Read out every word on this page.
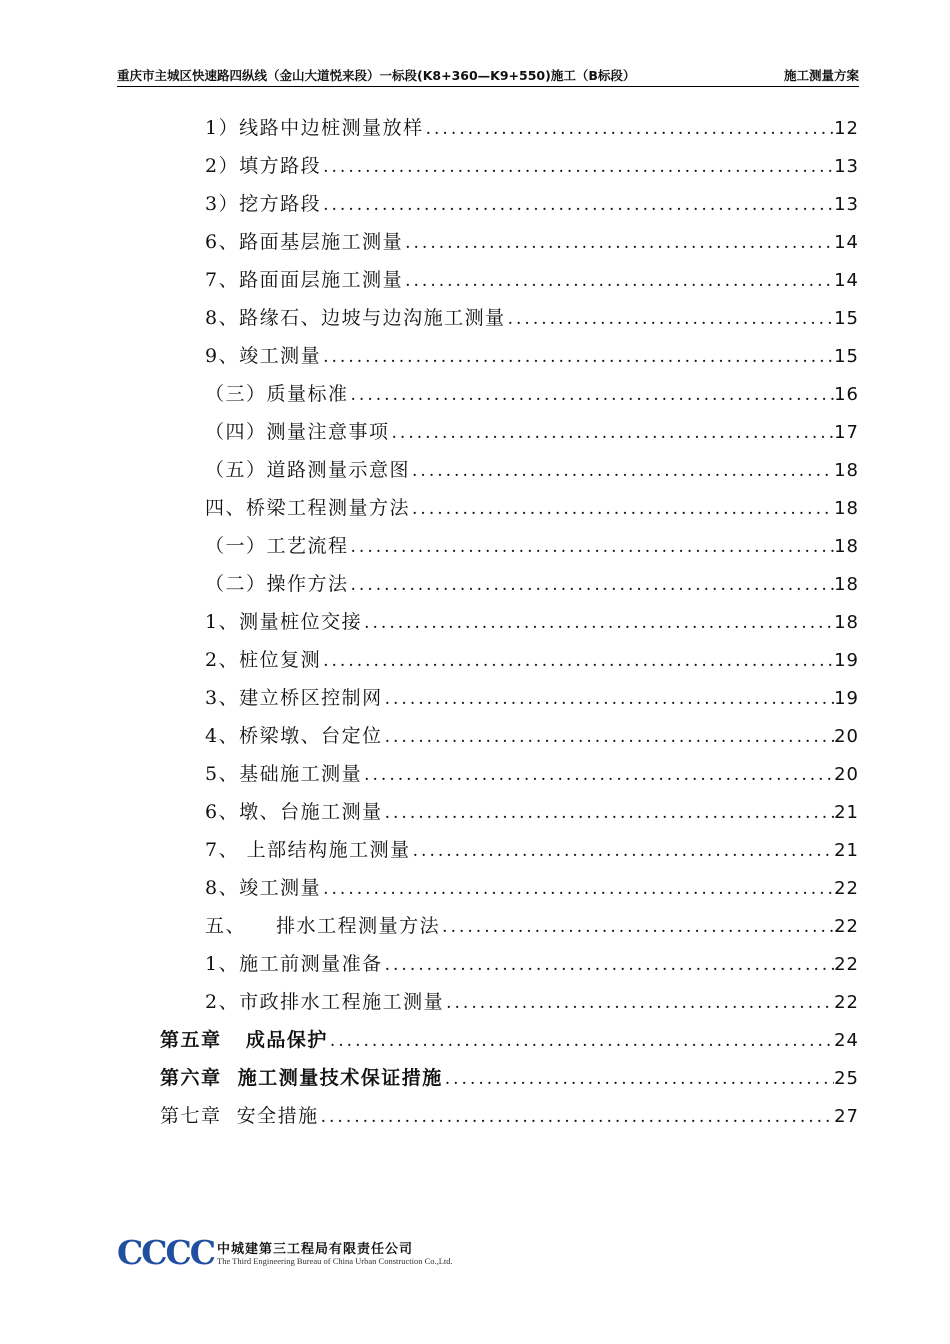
重庆市主城区快速路四纵线（金山大道悦来段）一标段(K8+360—K9+550)施工（B标段）	施工测量方案
1）线路中边桩测量放样 . . .	12
2）填方路段 . . .	13
3）挖方路段 . . .	13
6、路面基层施工测量 . . .	14
7、路面面层施工测量 . . .	14
8、路缘石、边坡与边沟施工测量 . . .	15
9、竣工测量 . . .	15
（三）质量标准 . . .	16
（四）测量注意事项 . . .	17
（五）道路测量示意图 . . .	18
四、桥梁工程测量方法 . . .	18
（一）工艺流程 . . .	18
（二）操作方法 . . .	18
1、测量桩位交接 . . .	18
2、桩位复测 . . .	19
3、建立桥区控制网 . . .	19
4、桥梁墩、台定位 . . .	20
5、基础施工测量 . . .	20
6、墩、台施工测量 . . .	21
7、 上部结构施工测量 . . .	21
8、竣工测量 . . .	22
五、    排水工程测量方法 . . .	22
1、施工前测量准备 . . .	22
2、市政排水工程施工测量 . . .	22
第五章   成品保护 . . .	24
第六章  施工测量技术保证措施 . . .	25
第七章  安全措施 . . .	27
CCCC 中城建第三工程局有限责任公司
The Third Engineering Bureau of China Urban Construction Co.,Ltd.
